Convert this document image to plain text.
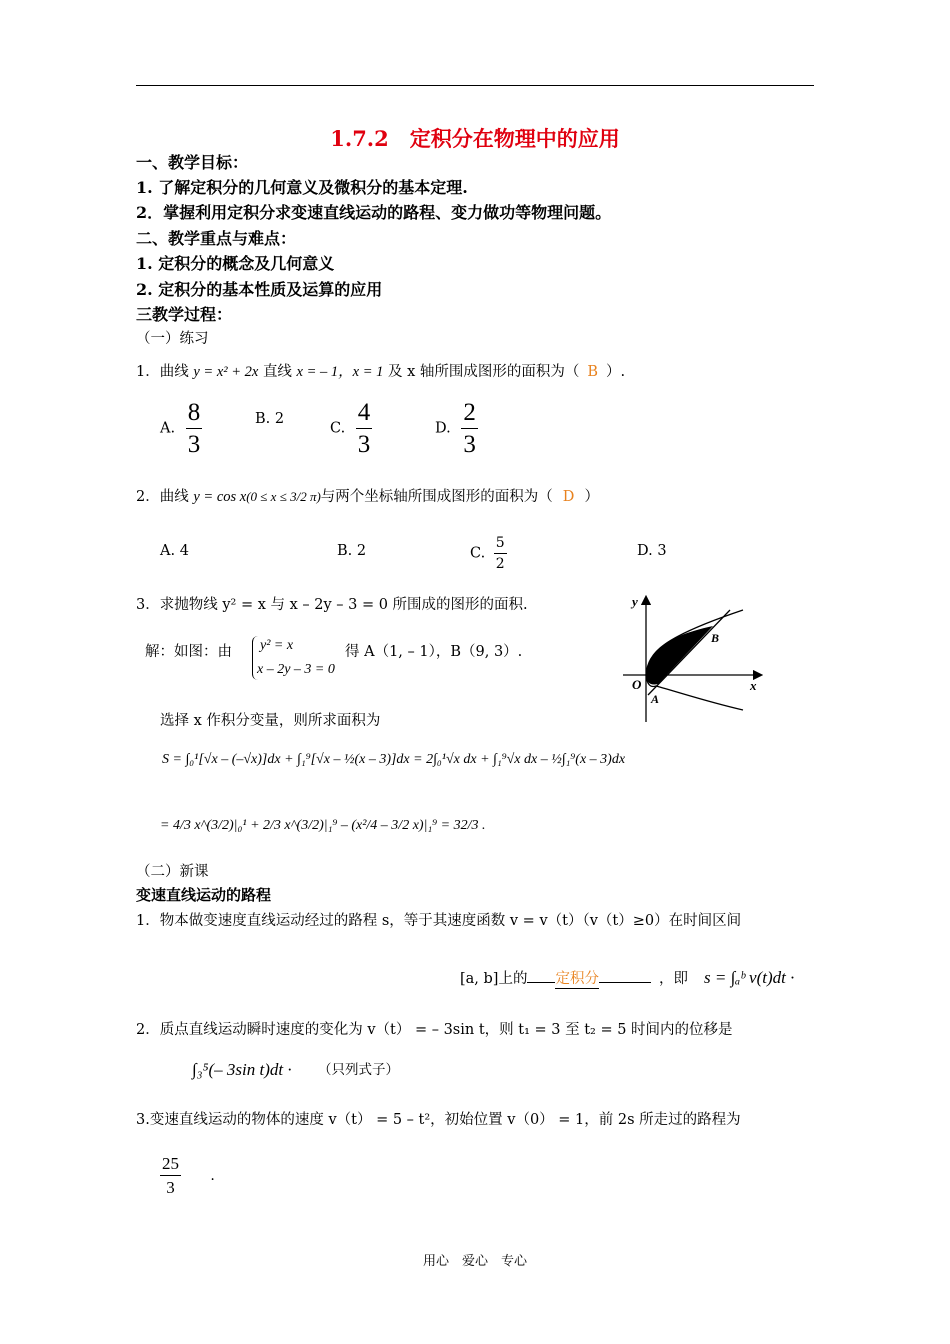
1.7.2　定积分在物理中的应用
一、教学目标：
1. 了解定积分的几何意义及微积分的基本定理.
2．掌握利用定积分求变速直线运动的路程、变力做功等物理问题。
二、教学重点与难点：
1. 定积分的概念及几何意义
2. 定积分的基本性质及运算的应用
三教学过程：
（一）练习
1．曲线 y = x² + 2x 直线 x = – 1，x = 1 及 x 轴所围成图形的面积为（ B ）.
A. $\frac{8}{3}$	B. 2
C. $\frac{4}{3}$	D. $\frac{2}{3}$
2．曲线 y = cos x(0 ≤ x ≤ 3/2 π)与两个坐标轴所围成图形的面积为（ D ）
A. 4	B. 2	C. $\frac{5}{2}$	D. 3
3．求抛物线 y² = x 与 x – 2y – 3 = 0 所围成的图形的面积.
解：如图：由 y² = x
x – 2y – 3 = 0
得 A（1, – 1），B（9, 3）.
选择 x 作积分变量，则所求面积为
S = ∫₀¹[√x – (–√x)]dx + ∫₁⁹[√x – ½(x – 3)]dx = 2∫₀¹√x dx + ∫₁⁹√x dx – ½∫₁⁹(x – 3)dx
= 4/3 x^(3/2)|₀¹ + 2/3 x^(3/2)|₁⁹ – (x²/4 – 3/2 x)|₁⁹ = 32/3 .
y
x
O
A
B
（二）新课
变速直线运动的路程
1．物本做变速度直线运动经过的路程 s，等于其速度函数 v = v（t）（v（t）≥0）在时间区间
[a, b]上的 定积分	，即 s = ∫ₐᵇ v(t)dt ·
2．质点直线运动瞬时速度的变化为 v（t） = – 3sin t，则 t₁ = 3 至 t₂ = 5 时间内的位移是
∫₃⁵(– 3sin t)dt · （只列式子）
3.变速直线运动的物体的速度 v（t） = 5 – t²，初始位置 v（0） = 1，前 2s 所走过的路程为
$\frac{25}{3}$ .
用心　爱心　专心
